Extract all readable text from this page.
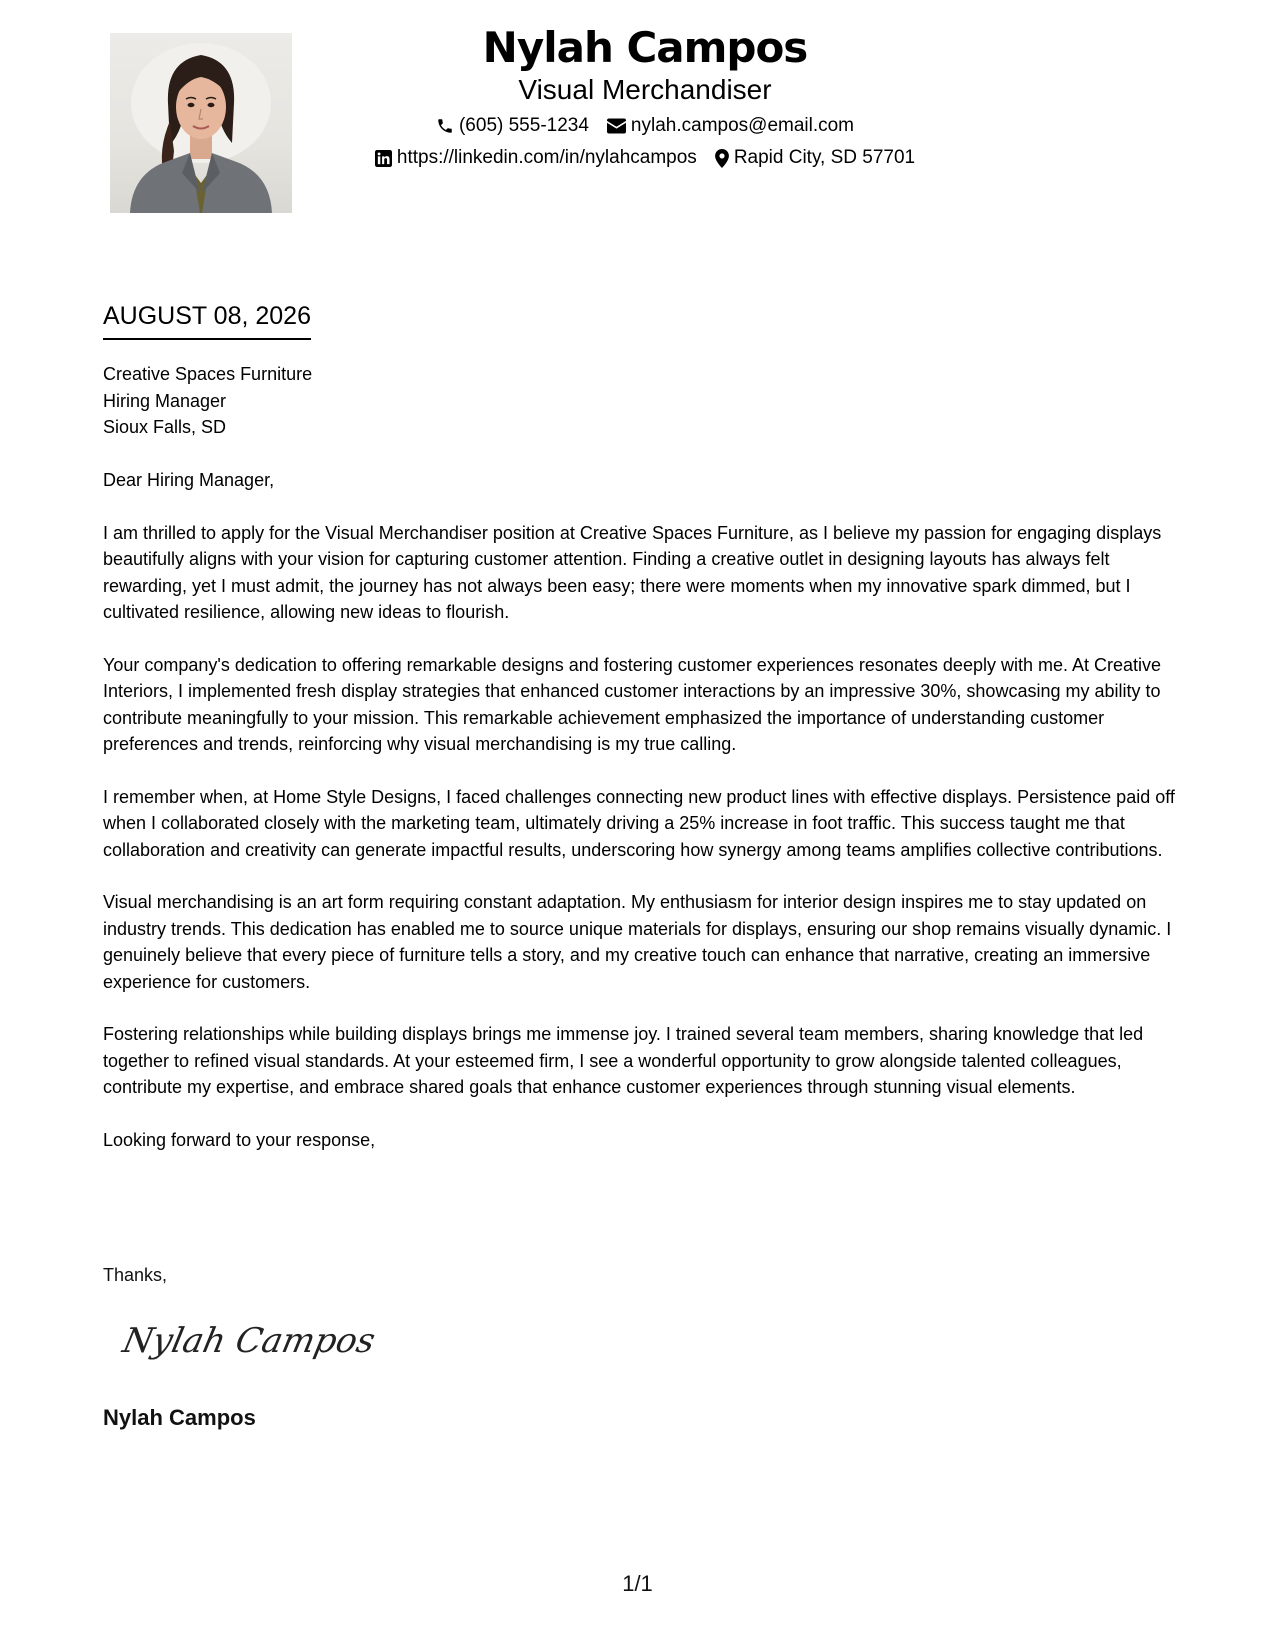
Nylah Campos
Visual Merchandiser
(605) 555-1234 nylah.campos@email.com
https://linkedin.com/in/nylahcampos Rapid City, SD 57701
AUGUST 08, 2026
Creative Spaces Furniture
Hiring Manager
Sioux Falls, SD

Dear Hiring Manager,

I am thrilled to apply for the Visual Merchandiser position at Creative Spaces Furniture, as I believe my passion for engaging displays beautifully aligns with your vision for capturing customer attention. Finding a creative outlet in designing layouts has always felt rewarding, yet I must admit, the journey has not always been easy; there were moments when my innovative spark dimmed, but I cultivated resilience, allowing new ideas to flourish.

Your company's dedication to offering remarkable designs and fostering customer experiences resonates deeply with me. At Creative Interiors, I implemented fresh display strategies that enhanced customer interactions by an impressive 30%, showcasing my ability to contribute meaningfully to your mission. This remarkable achievement emphasized the importance of understanding customer preferences and trends, reinforcing why visual merchandising is my true calling.

I remember when, at Home Style Designs, I faced challenges connecting new product lines with effective displays. Persistence paid off when I collaborated closely with the marketing team, ultimately driving a 25% increase in foot traffic. This success taught me that collaboration and creativity can generate impactful results, underscoring how synergy among teams amplifies collective contributions.

Visual merchandising is an art form requiring constant adaptation. My enthusiasm for interior design inspires me to stay updated on industry trends. This dedication has enabled me to source unique materials for displays, ensuring our shop remains visually dynamic. I genuinely believe that every piece of furniture tells a story, and my creative touch can enhance that narrative, creating an immersive experience for customers.

Fostering relationships while building displays brings me immense joy. I trained several team members, sharing knowledge that led together to refined visual standards. At your esteemed firm, I see a wonderful opportunity to grow alongside talented colleagues, contribute my expertise, and embrace shared goals that enhance customer experiences through stunning visual elements.

Looking forward to your response,

Thanks,
Nylah Campos
Nylah Campos
1/1
